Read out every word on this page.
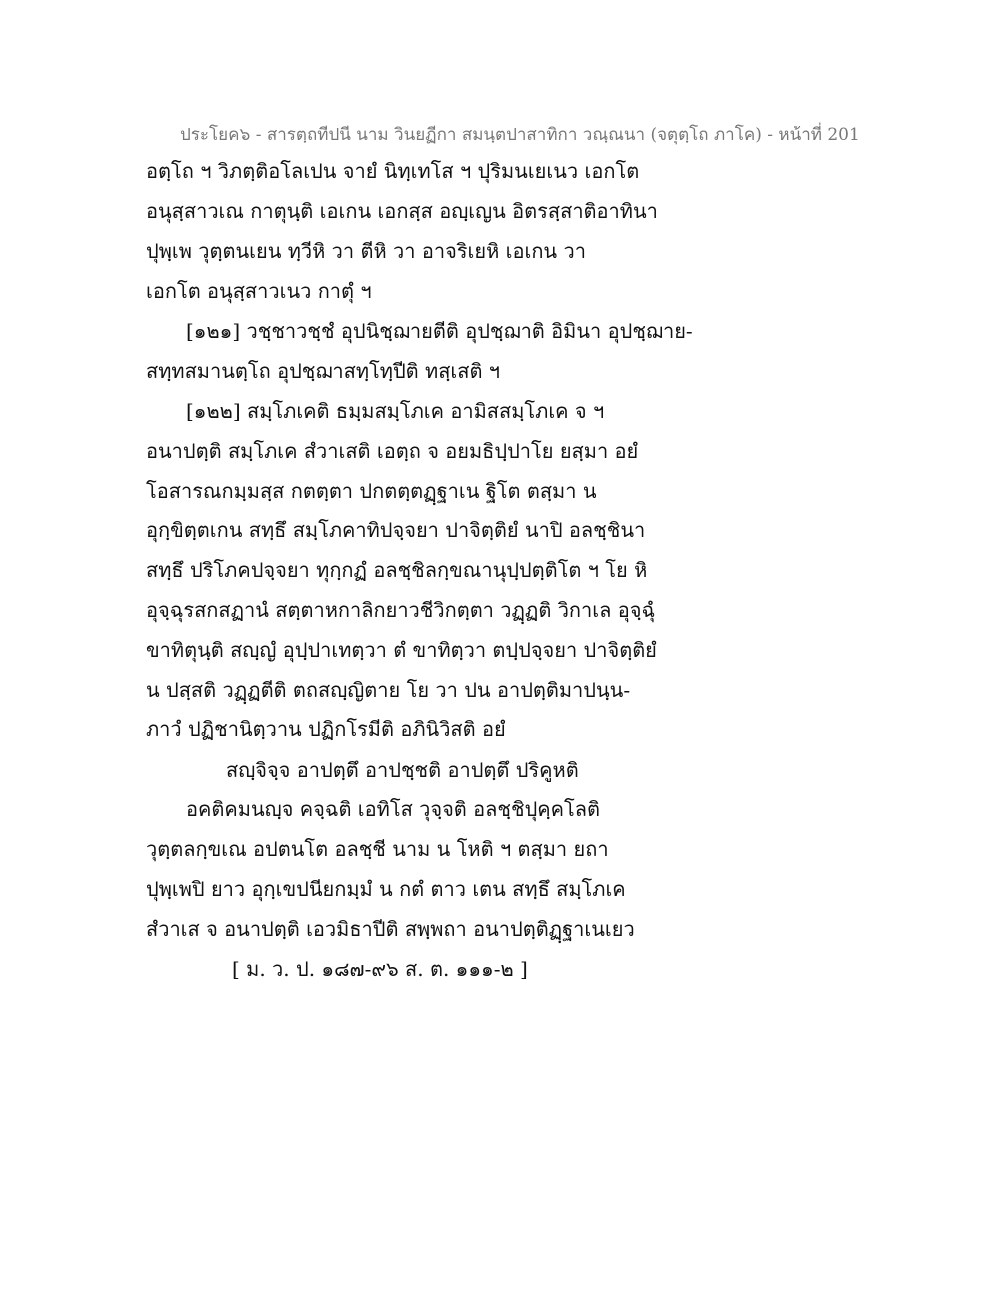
ประโยค๖ - สารตฺถทีปนี นาม วินยฏีกา สมนฺตปาสาทิกา วณฺณนา (จตุตฺโถ ภาโค) - หน้าที่ 201
อตฺโถ ฯ วิภตฺติอโลเปน จายํ นิทฺเทโส ฯ ปุริมนเยเนว เอกโต
อนุสฺสาวเณ กาตุนฺติ เอเกน เอกสฺส อญฺเญน อิตรสฺสาติอาทินา
ปุพฺเพ วุตฺตนเยน ทฺวีหิ วา ตีหิ วา อาจริเยหิ เอเกน วา
เอกโต อนุสฺสาวเนว กาตุํ ฯ
[๑๒๑] วชฺชาวชฺชํ อุปนิชฺฌายตีติ อุปชฺฌาติ อิมินา อุปชฺฌาย-
สทฺทสมานตฺโถ อุปชฺฌาสทฺโทฺปีติ ทสฺเสติ ฯ
[๑๒๒] สมฺโภเคติ ธมฺมสมฺโภเค อามิสสมฺโภเค จ ฯ
อนาปตฺติ สมฺโภเค สํวาเสติ เอตฺถ จ อยมธิปฺปาโย ยสฺมา อยํ
โอสารณกมฺมสฺส กตตฺตา ปกตตฺตฏฺฐาเน ฐิโต ตสฺมา น
อุกฺขิตฺตเกน สทฺธึ สมฺโภคาทิปจฺจยา ปาจิตฺติยํ นาปิ อลชฺชินา
สทฺธึ ปริโภคปจฺจยา ทุกฺกฏํ อลชฺชิลกฺขณานุปฺปตฺติโต ฯ โย หิ
อุจฺฉุรสกสฏานํ สตฺตาหกาลิกยาวชีวิกตฺตา วฏฺฏติ วิกาเล อุจฺฉุํ
ขาทิตุนฺติ สญฺญํ อุปฺปาเทตฺวา ตํ ขาทิตฺวา ตปฺปจฺจยา ปาจิตฺติยํ
น ปสฺสติ วฏฺฏตีติ ตถสญฺญิตาย โย วา ปน อาปตฺติมาปนฺน-
ภาวํ ปฏิชานิตฺวาน ปฏิกโรมีติ อภินิวิสติ อยํ
สญฺจิจฺจ อาปตฺตึ อาปชฺชติ อาปตฺตึ ปริคูหติ
อคติคมนญฺจ คจฺฉติ เอทิโส วุจฺจติ อลชฺชิปุคฺคโลติ
วุตฺตลกฺขเณ อปตนโต อลชฺชี นาม น โหติ ฯ ตสฺมา ยถา
ปุพฺเพปิ ยาว อุกฺเขปนียกมฺมํ น กตํ ตาว เตน สทฺธึ สมฺโภเค
สํวาเส จ อนาปตฺติ เอวมิธาปีติ สพฺพถา อนาปตฺติฏฺฐาเนเยว
[ ม. ว. ป. ๑๘๗-๙๖ ส. ต. ๑๑๑-๒ ]
